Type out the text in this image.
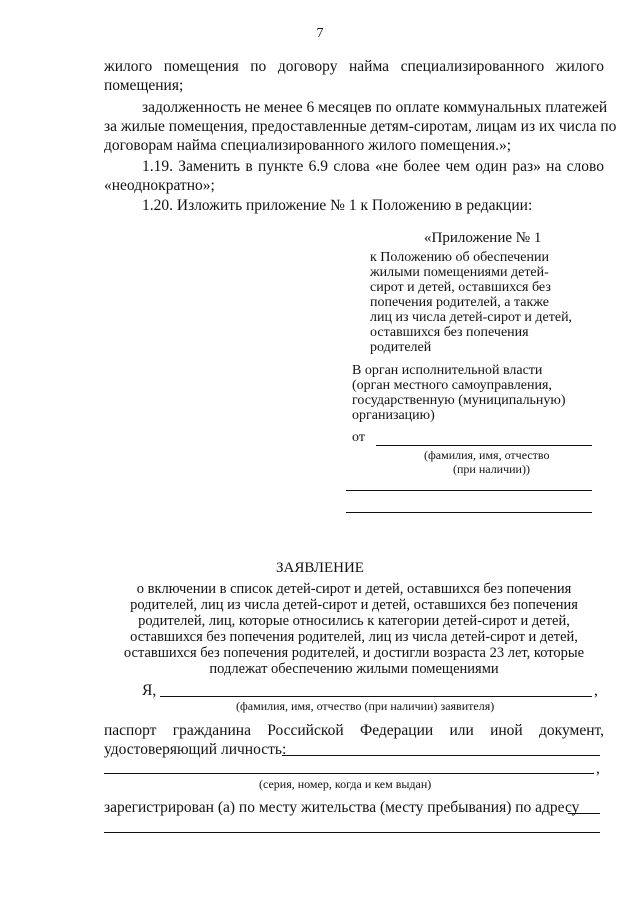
7
жилого помещения по договору найма специализированного жилого
помещения;
задолженность не менее 6 месяцев по оплате коммунальных платежей
за жилые помещения, предоставленные детям-сиротам, лицам из их числа по
договорам найма специализированного жилого помещения.»;
1.19. Заменить в пункте 6.9 слова «не более чем один раз» на слово
«неоднократно»;
1.20. Изложить приложение № 1 к Положению в редакции:
«Приложение № 1
к Положению об обеспечении
жилыми помещениями детей-
сирот и детей, оставшихся без
попечения родителей, а также
лиц из числа детей-сирот и детей,
оставшихся без попечения
родителей
В орган исполнительной власти
(орган местного самоуправления,
государственную (муниципальную)
организацию)
от
(фамилия, имя, отчество
(при наличии))
ЗАЯВЛЕНИЕ
о включении в список детей-сирот и детей, оставшихся без попечения
родителей, лиц из числа детей-сирот и детей, оставшихся без попечения
родителей, лиц, которые относились к категории детей-сирот и детей,
оставшихся без попечения родителей, лиц из числа детей-сирот и детей,
оставшихся без попечения родителей, и достигли возраста 23 лет, которые
подлежат обеспечению жилыми помещениями
Я,	,
(фамилия, имя, отчество (при наличии) заявителя)
паспорт гражданина Российской Федерации или иной документ,
удостоверяющий личность:
,
(серия, номер, когда и кем выдан)
зарегистрирован (а) по месту жительства (месту пребывания) по адресу
